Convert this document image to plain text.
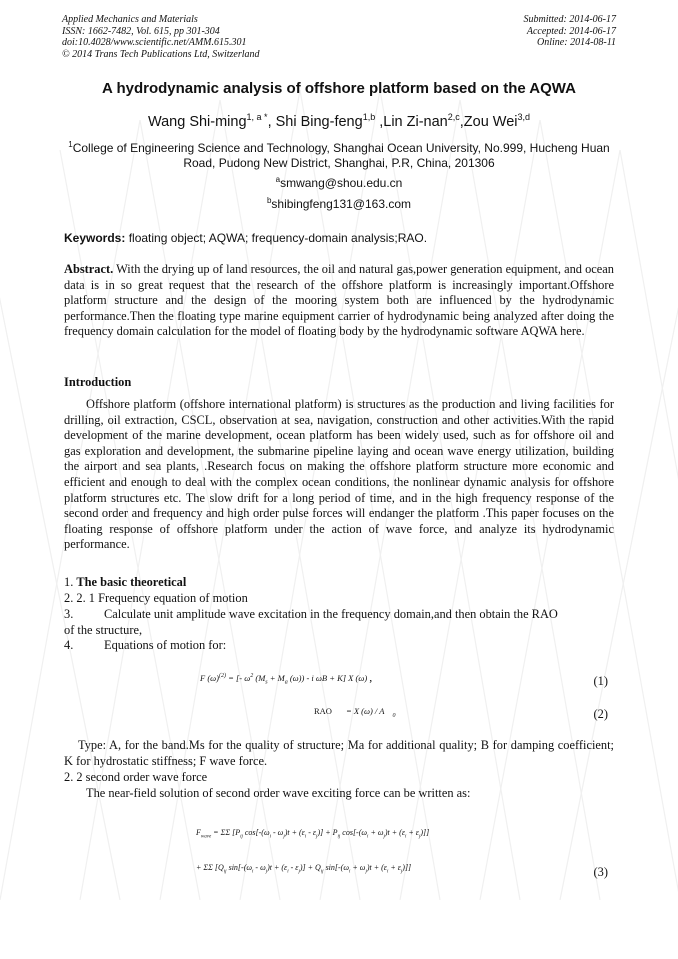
Applied Mechanics and Materials
ISSN: 1662-7482, Vol. 615, pp 301-304
doi:10.4028/www.scientific.net/AMM.615.301
© 2014 Trans Tech Publications Ltd, Switzerland
Submitted: 2014-06-17
Accepted: 2014-06-17
Online: 2014-08-11
A hydrodynamic analysis of offshore platform based on the AQWA
Wang Shi-ming$^{1, a *}$, Shi Bing-feng$^{1,b}$ ,Lin Zi-nan$^{2,c}$,Zou Wei$^{3,d}$
$^1$College of Engineering Science and Technology, Shanghai Ocean University, No.999, Hucheng Huan Road, Pudong New District, Shanghai, P.R, China, 201306
$^a$smwang@shou.edu.cn
$^b$shibingfeng131@163.com
Keywords: floating object; AQWA; frequency-domain analysis;RAO.
Abstract. With the drying up of land resources, the oil and natural gas,power generation equipment, and ocean data is in so great request that the research of the offshore platform is increasingly important.Offshore platform structure and the design of the mooring system both are influenced by the hydrodynamic performance.Then the floating type marine equipment carrier of hydrodynamic being analyzed after doing the frequency domain calculation for the model of floating body by the hydrodynamic software AQWA here.
Introduction
Offshore platform (offshore international platform) is structures as the production and living facilities for drilling, oil extraction, CSCL, observation at sea, navigation, construction and other activities.With the rapid development of the marine development, ocean platform has been widely used, such as for offshore oil and gas exploration and development, the submarine pipeline laying and ocean wave energy utilization, building the airport and sea plants, .Research focus on making the offshore platform structure more economic and efficient and enough to deal with the complex ocean conditions, the nonlinear dynamic analysis for offshore platform structures etc. The slow drift for a long period of time, and in the high frequency response of the second order and frequency and high order pulse forces will endanger the platform .This paper focuses on the floating response of offshore platform under the action of wave force, and analyze its hydrodynamic performance.
1. The basic theoretical
2. 2. 1 Frequency equation of motion
3. Calculate unit amplitude wave excitation in the frequency domain,and then obtain the RAO
of the structure,
4. Equations of motion for:
F $(\omega)^{(2)}$ = [- $\omega^2$ ($M_s + M_a$ (ω)) - i ωB + K] X (ω) ,	(1)
RAO = X (ω) / A $_0$	(2)
Type: A, for the band.Ms for the quality of structure; Ma for additional quality; B for damping coefficient; K for hydrostatic stiffness; F wave force.
2. 2 second order wave force
The near-field solution of second order wave exciting force can be written as:
$F_{wave} = \Sigma\Sigma$ [$P_{ij}$ $\cos[-(\omega_i - \omega_j)t + (\varepsilon_i - \varepsilon_j)] + P_{ij}$ $\cos[-(\omega_i + \omega_j)t + (\varepsilon_i + \varepsilon_j)]$]
+ ΣΣ [$Q_{ij}$ $\sin[-(\omega_i - \omega_j)t + (\varepsilon_i - \varepsilon_j)] + Q_{ij}$ $\sin[-(\omega_i + \omega_j)t + (\varepsilon_i + \varepsilon_j)]$]	(3)
